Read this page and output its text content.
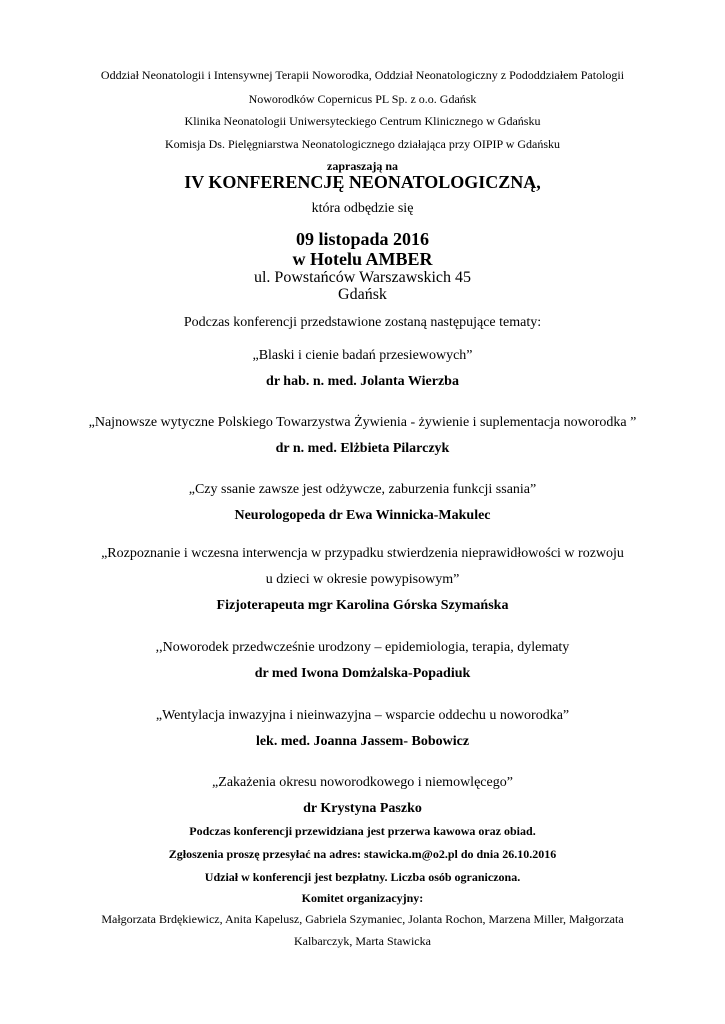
Oddział Neonatologii i Intensywnej Terapii Noworodka, Oddział Neonatologiczny z Pododdziałem Patologii
Noworodków Copernicus PL Sp. z o.o. Gdańsk
Klinika Neonatologii Uniwersyteckiego Centrum Klinicznego w Gdańsku
Komisja Ds. Pielęgniarstwa Neonatologicznego działająca przy OIPIP w Gdańsku
zapraszają na
IV KONFERENCJĘ NEONATOLOGICZNĄ,
która odbędzie się
09 listopada 2016
w Hotelu AMBER
ul. Powstańców Warszawskich 45
Gdańsk
Podczas konferencji przedstawione zostaną następujące tematy:
„Blaski i cienie badań przesiewowych”
dr hab. n. med. Jolanta Wierzba
„Najnowsze wytyczne Polskiego Towarzystwa Żywienia - żywienie i suplementacja noworodka ”
dr n. med. Elżbieta Pilarczyk
„Czy ssanie zawsze jest odżywcze, zaburzenia funkcji ssania”
Neurologopeda dr Ewa Winnicka-Makulec
„Rozpoznanie i wczesna interwencja w przypadku stwierdzenia nieprawidłowości w rozwoju
u dzieci w okresie powypisowym”
Fizjoterapeuta mgr Karolina Górska Szymańska
,,Noworodek przedwcześnie urodzony – epidemiologia, terapia, dylematy
dr med Iwona Domżalska-Popadiuk
„Wentylacja inwazyjna i nieinwazyjna – wsparcie oddechu u noworodka”
lek. med. Joanna Jassem- Bobowicz
„Zakażenia okresu noworodkowego i niemowlęcego”
dr Krystyna Paszko
Podczas konferencji przewidziana jest przerwa kawowa oraz obiad.
Zgłoszenia proszę przesyłać na adres: stawicka.m@o2.pl do dnia 26.10.2016
Udział w konferencji jest bezpłatny. Liczba osób ograniczona.
Komitet organizacyjny:
Małgorzata Brdękiewicz, Anita Kapelusz, Gabriela Szymaniec, Jolanta Rochon, Marzena Miller, Małgorzata
Kalbarczyk, Marta Stawicka
